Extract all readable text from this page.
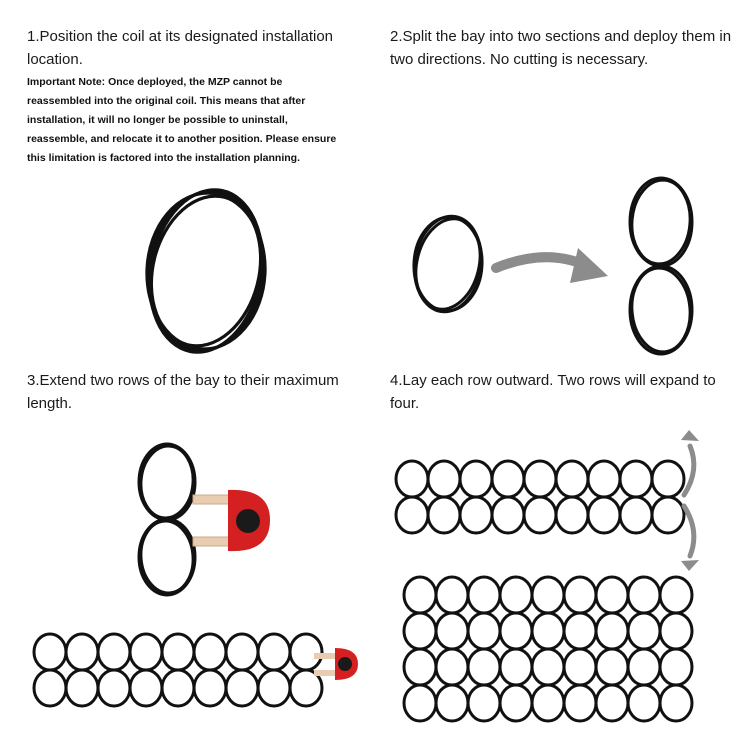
1.Position the coil at its designated installation location.
Important Note: Once deployed, the MZP cannot be reassembled into the original coil. This means that after installation, it will no longer be possible to uninstall, reassemble, and relocate it to another position. Please ensure this limitation is factored into the installation planning.
2.Split the bay into two sections and deploy them in two directions. No cutting is necessary.
3.Extend two rows of the bay to their maximum length.
4.Lay each row outward. Two rows will expand to four.
